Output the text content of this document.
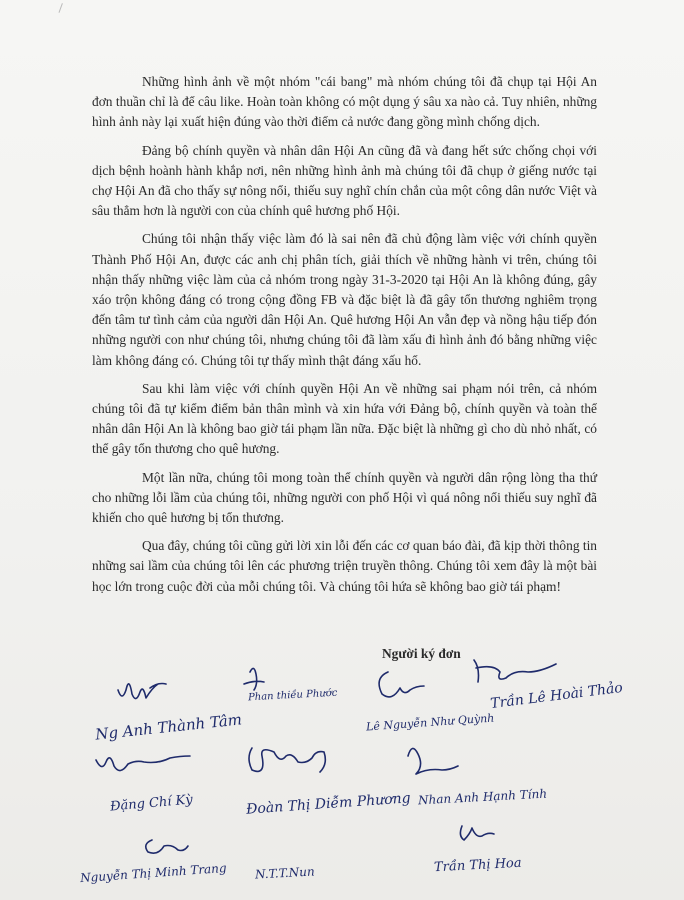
Những hình ảnh về một nhóm "cái bang" mà nhóm chúng tôi đã chụp tại Hội An đơn thuần chỉ là để câu like. Hoàn toàn không có một dụng ý sâu xa nào cả. Tuy nhiên, những hình ảnh này lại xuất hiện đúng vào thời điểm cả nước đang gồng mình chống dịch.

Đảng bộ chính quyền và nhân dân Hội An cũng đã và đang hết sức chống chọi với dịch bệnh hoành hành khắp nơi, nên những hình ảnh mà chúng tôi đã chụp ở giếng nước tại chợ Hội An đã cho thấy sự nông nổi, thiếu suy nghĩ chín chắn của một công dân nước Việt và sâu thẳm hơn là người con của chính quê hương phố Hội.

Chúng tôi nhận thấy việc làm đó là sai nên đã chủ động làm việc với chính quyền Thành Phố Hội An, được các anh chị phân tích, giải thích về những hành vi trên, chúng tôi nhận thấy những việc làm của cả nhóm trong ngày 31-3-2020 tại Hội An là không đúng, gây xáo trộn không đáng có trong cộng đồng FB và đặc biệt là đã gây tổn thương nghiêm trọng đến tâm tư tình cảm của người dân Hội An. Quê hương Hội An vẫn đẹp và nồng hậu tiếp đón những người con như chúng tôi, nhưng chúng tôi đã làm xấu đi hình ảnh đó bằng những việc làm không đáng có. Chúng tôi tự thấy mình thật đáng xấu hổ.

Sau khi làm việc với chính quyền Hội An về những sai phạm nói trên, cả nhóm chúng tôi đã tự kiểm điểm bản thân mình và xin hứa với Đảng bộ, chính quyền và toàn thể nhân dân Hội An là không bao giờ tái phạm lần nữa. Đặc biệt là những gì cho dù nhỏ nhất, có thể gây tổn thương cho quê hương.

Một lần nữa, chúng tôi mong toàn thể chính quyền và người dân rộng lòng tha thứ cho những lỗi lầm của chúng tôi, những người con phố Hội vì quá nông nổi thiếu suy nghĩ đã khiến cho quê hương bị tổn thương.

Qua đây, chúng tôi cũng gửi lời xin lỗi đến các cơ quan báo đài, đã kịp thời thông tin những sai lầm của chúng tôi lên các phương triện truyền thông. Chúng tôi xem đây là một bài học lớn trong cuộc đời của mỗi chúng tôi. Và chúng tôi hứa sẽ không bao giờ tái phạm!

Người ký đơn
Ng Anh Thành Tâm
Phan thiều Phước
Lê Nguyễn Như Quỳnh
Trần Lê Hoài Thảo
Đặng Chí Kỳ	Đoàn Thị Diễm Phương Nhan Anh Hạnh Tính
Nguyễn Thị Minh Trang N.T.T.Nun	Trần Thị Hoa
